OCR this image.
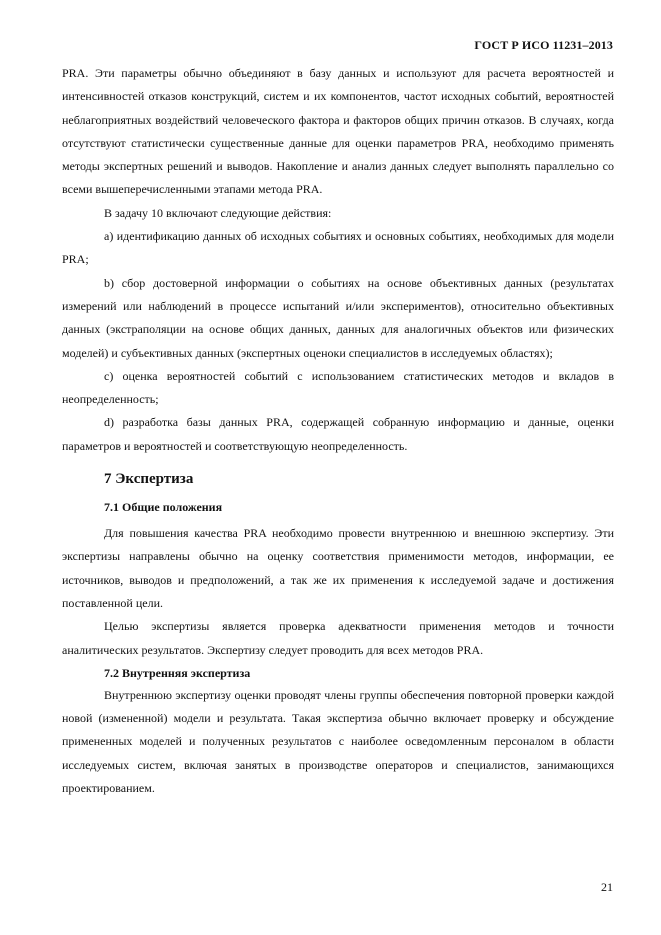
ГОСТ Р ИСО 11231–2013

PRA. Эти параметры обычно объединяют в базу данных и используют для расчета вероятностей и интенсивностей отказов конструкций, систем и их компонентов, частот исходных событий, вероятностей неблагоприятных воздействий человеческого фактора и факторов общих причин отказов. В случаях, когда отсутствуют статистически существенные данные для оценки параметров PRA, необходимо применять методы экспертных решений и выводов. Накопление и анализ данных следует выполнять параллельно со всеми вышеперечисленными этапами метода PRA.

В задачу 10 включают следующие действия:

a) идентификацию данных об исходных событиях и основных событиях, необходимых для модели PRA;

b) сбор достоверной информации о событиях на основе объективных данных (результатах измерений или наблюдений в процессе испытаний и/или экспериментов), относительно объективных данных (экстраполяции на основе общих данных, данных для аналогичных объектов или физических моделей) и субъективных данных (экспертных оценоки специалистов в исследуемых областях);

c) оценка вероятностей событий с использованием статистических методов и вкладов в неопределенность;

d) разработка базы данных PRA, содержащей собранную информацию и данные, оценки параметров и вероятностей и соответствующую неопределенность.

7 Экспертиза
7.1 Общие положения

Для повышения качества PRA необходимо провести внутреннюю и внешнюю экспертизу. Эти экспертизы направлены обычно на оценку соответствия применимости методов, информации, ее источников, выводов и предположений, а так же их применения к исследуемой задаче и достижения поставленной цели.

Целью экспертизы является проверка адекватности применения методов и точности аналитических результатов. Экспертизу следует проводить для всех методов PRA.

7.2 Внутренняя экспертиза

Внутреннюю экспертизу оценки проводят члены группы обеспечения повторной проверки каждой новой (измененной) модели и результата. Такая экспертиза обычно включает проверку и обсуждение примененных моделей и полученных результатов с наиболее осведомленным персоналом в области исследуемых систем, включая занятых в производстве операторов и специалистов, занимающихся проектированием.

21
